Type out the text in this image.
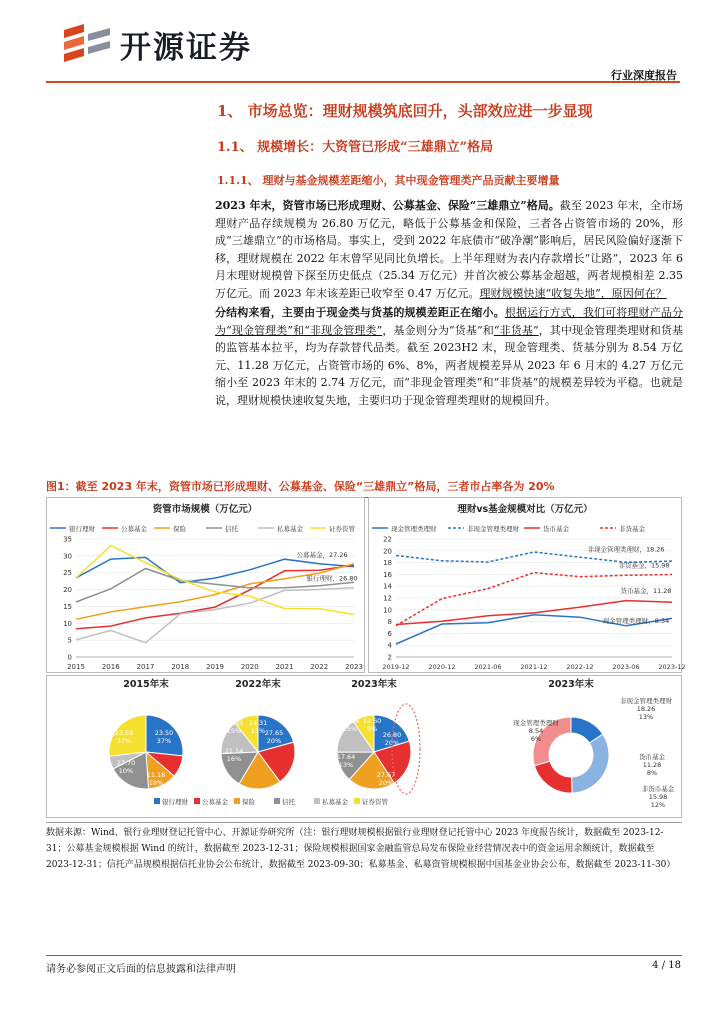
开源证券
行业深度报告
1、 市场总览：理财规模筑底回升，头部效应进一步显现
1.1、 规模增长：大资管已形成“三雄鼎立”格局
1.1.1、 理财与基金规模差距缩小，其中现金管理类产品贡献主要增量

2023 年末，资管市场已形成理财、公募基金、保险“三雄鼎立”格局。截至 2023 年末，全市场理财产品存续规模为 26.80 万亿元，略低于公募基金和保险，三者各占资管市场的 20%，形成“三雄鼎立”的市场格局。事实上，受到 2022 年底债市“破净潮”影响后，居民风险偏好逐渐下移，理财规模在 2022 年末曾罕见同比负增长。上半年理财为表内存款增长“让路”，2023 年 6 月末理财规模曾下探至历史低点（25.34 万亿元）并首次被公募基金超越，两者规模相差 2.35 万亿元。而 2023 年末该差距已收窄至 0.47 万亿元。理财规模快速“收复失地”，原因何在？

分结构来看，主要由于现金类与货基的规模差距正在缩小。根据运行方式，我们可将理财产品分为“现金管理类”和“非现金管理类”，基金则分为“货基”和“非货基”，其中现金管理类理财和货基的监管基本拉平，均为存款替代品类。截至 2023H2 末，现金管理类、货基分别为 8.54 万亿元、11.28 万亿元，占资管市场的 6%、8%，两者规模差异从 2023 年 6 月末的 4.27 万亿元缩小至 2023 年末的 2.74 万亿元，而“非现金管理类”和“非货基”的规模差异较为平稳。也就是说，理财规模快速收复失地，主要归功于现金管理类理财的规模回升。

图1：截至 2023 年末，资管市场已形成理财、公募基金、保险“三雄鼎立”格局，三者市占率各为 20%
资管市场规模（万亿元）
银行理财	公募基金	保险	信托	私募基金	证券资管
0
5
10
15
20
25
30
35
2015 2016 2017 2018 2019 2020 2021 2022 2023
公募基金，27.26
银行理财，26.80
理财vs基金规模对比（万亿元）
现金管理类理财	非现金管理类理财	货币基金	非货基金
2
4
6
8
10
12
14
16
18
20
22
2019-12	2020-12	2021-06	2021-12	2022-12	2023-06	2023-12
非现金管理类理财，18.26
非货基金，15.98
货币基金，11.28
现金管理类理财，8.54
2015年末
23.50
37%
11.18
18%
27.70
10%
23.59
37%
2022年末
27.65
20%
21.14
16%
20.03
15%
14.31
11%
2023年末
26.80
20%
20.58
15%
17.64
13%
27.67
20%
12.60
9%
2023年末
现金管理类理财
8.54
6%
非现金管理类理财
18.26
13%
货币基金
11.28
8%
非货币基金
15.98
12%
银行理财 公募基金 保险	信托	私募基金 证券资管

数据来源：Wind、银行业理财登记托管中心、开源证券研究所（注：银行理财规模根据银行业理财登记托管中心 2023 年度报告统计，数据截至 2023-12-31；公募基金规模根据 Wind 的统计，数据截至 2023-12-31；保险规模根据国家金融监管总局发布保险业经营情况表中的资金运用余额统计，数据截至 2023-12-31；信托产品规模根据信托业协会公布统计，数据截至 2023-09-30；私募基金、私募资管规模根据中国基金业协会公布，数据截至 2023-11-30）

请务必参阅正文后面的信息披露和法律声明	4 / 18
